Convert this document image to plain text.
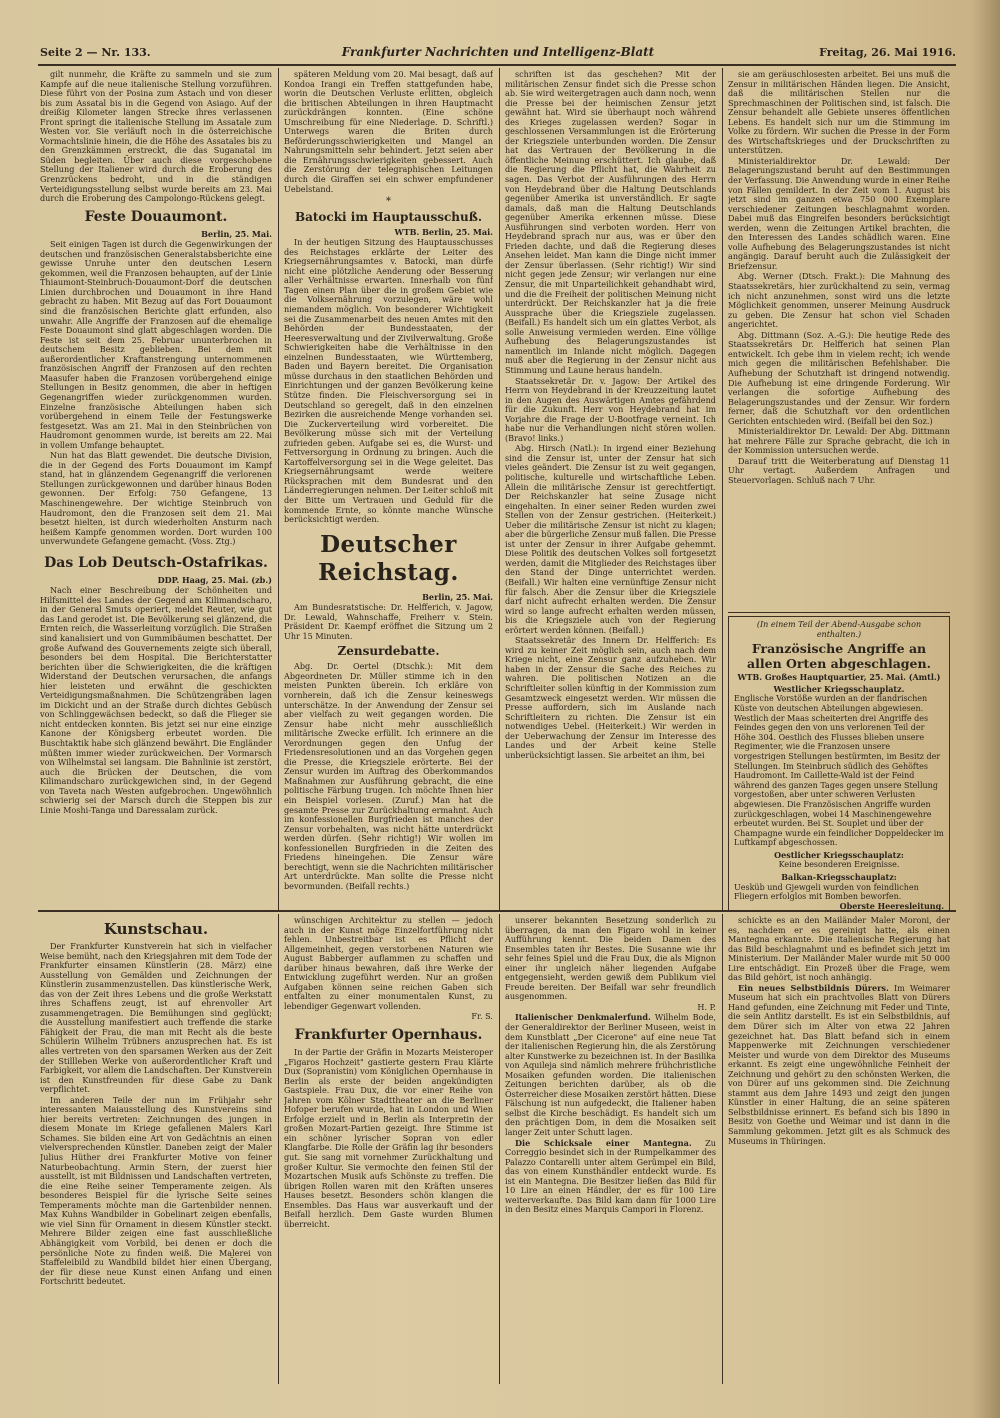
Seite 2 — Nr. 133.	Frankfurter Nachrichten und Intelligenz-Blatt	Freitag, 26. Mai 1916.

gilt nunmehr, die Kräfte zu sammeln und sie zum Kampfe auf die neue italienische Stellung vorzuführen. Diese führt von der Posina zum Astach und von dieser bis zum Assatal bis in die Gegend von Asiago. Auf der dreißig Kilometer langen Strecke ihres verlassenen Front springt die italienische Stellung im Assatale zum Westen vor. Sie verläuft noch in die österreichische Vormachtslinie hinein, die die Höhe des Assatales bis zu den Grenzkämmen erstreckt, die das Suganatal im Süden begleiten. Über auch diese vorgeschobene Stellung der Italiener wird durch die Eroberung des Grenzrückens bedroht, und in die ständigen Verteidigungsstellung selbst wurde bereits am 23. Mai durch die Eroberung des Campolongo-Rückens gelegt.

Feste Douaumont.

Berlin, 25. Mai.

Seit einigen Tagen ist durch die Gegenwirkungen der deutschen und französischen Generalstabsberichte eine gewisse Unruhe unter den deutschen Lesern gekommen, weil die Franzosen behaupten, auf der Linie Thiaumont-Steinbruch-Douaumont-Dorf die deutschen Linien durchbrochen und Douaumont in ihre Hand gebracht zu haben. Mit Bezug auf das Fort Douaumont sind die französischen Berichte glatt erfunden, also unwahr. Alle Angriffe der Franzosen auf die ehemalige Feste Douaumont sind glatt abgeschlagen worden. Die Feste ist seit dem 25. Februar ununterbrochen in deutschem Besitz geblieben. Bei dem mit außerordentlicher Kraftanstrengung unternommenen französischen Angriff der Franzosen auf den rechten Maasufer haben die Franzosen vorübergehend einige Stellungen in Besitz genommen, die aber in heftigen Gegenangriffen wieder zurückgenommen wurden. Einzelne französische Abteilungen haben sich vorübergehend in einem Teile der Festungswerke festgesetzt. Was am 21. Mai in den Steinbrüchen von Haudromont genommen wurde, ist bereits am 22. Mai in vollem Umfange behauptet.

Nun hat das Blatt gewendet. Die deutsche Division, die in der Gegend des Forts Douaumont im Kampf stand, hat in glänzendem Gegenangriff die verlorenen Stellungen zurückgewonnen und darüber hinaus Boden gewonnen. Der Erfolg: 750 Gefangene, 13 Maschinengewehre. Der wichtige Steinbruch von Haudromont, den die Franzosen seit dem 21. Mai besetzt hielten, ist durch wiederholten Ansturm nach heißem Kampfe genommen worden. Dort wurden 100 unverwundete Gefangene gemacht. (Voss. Ztg.)

Das Lob Deutsch-Ostafrikas.

DDP. Haag, 25. Mai. (zb.)

Nach einer Beschreibung der Schönheiten und Hilfsmittel des Landes der Gegend am Kilimandscharo, in der General Smuts operiert, meldet Reuter, wie gut das Land gerodet ist. Die Bevölkerung sei glänzend, die Ernten reich, die Wasserleitung vorzüglich. Die Straßen sind kanalisiert und von Gummibäumen beschattet. Der große Aufwand des Gouvernements zeigte sich überall, besonders bei dem Hospital. Die Berichterstatter berichten über die Schwierigkeiten, die die kräftigen Widerstand der Deutschen verursachen, die anfangs hier leisteten und erwähnt die geschickten Verteidigungsmaßnahmen. Die Schützengräben lagen im Dickicht und an der Straße durch dichtes Gebüsch von Schlinggewächsen bedeckt, so daß die Flieger sie nicht entdecken konnten. Bis jetzt sei nur eine einzige Kanone der Königsberg erbeutet worden. Die Buschtaktik habe sich glänzend bewährt. Die Engländer müßten immer wieder zurückweichen. Der Vormarsch von Wilhelmstal sei langsam. Die Bahnlinie ist zerstört, auch die Brücken der Deutschen, die vom Kilimandscharo zurückgewichen sind, in der Gegend von Taveta nach Westen aufgebrochen. Ungewöhnlich schwierig sei der Marsch durch die Steppen bis zur Linie Moshi-Tanga und Daressalam zurück.

späteren Meldung vom 20. Mai besagt, daß auf Kondoa Irangi ein Treffen stattgefunden habe, worin die Deutschen Verluste erlitten, obgleich die britischen Abteilungen in ihren Hauptmacht zurückdrängen konnten. (Eine schöne Umschreibung für eine Niederlage. D. Schriftl.) Unterwegs waren die Briten durch Beförderungsschwierigkeiten und Mangel an Nahrungsmitteln sehr behindert. Jetzt seien aber die Ernährungsschwierigkeiten gebessert. Auch die Zerstörung der telegraphischen Leitungen durch die Giraffen sei ein schwer empfundener Uebelstand.

*
Batocki im Hauptausschuß.

WTB. Berlin, 25. Mai.

In der heutigen Sitzung des Hauptausschusses des Reichstages erklärte der Leiter des Kriegsernährungsamtes v. Batocki, man dürfe nicht eine plötzliche Aenderung oder Besserung aller Verhältnisse erwarten. Innerhalb von fünf Tagen einen Plan über die in großem Gebiet wie die Volksernährung vorzulegen, wäre wohl niemandem möglich. Von besonderer Wichtigkeit sei die Zusammenarbeit des neuen Amtes mit den Behörden der Bundesstaaten, der Heeresverwaltung und der Zivilverwaltung. Große Schwierigkeiten habe die Verhältnisse in den einzelnen Bundesstaaten, wie Württemberg, Baden und Bayern bereitet. Die Organisation müsse durchaus in den staatlichen Behörden und Einrichtungen und der ganzen Bevölkerung keine Stütze finden. Die Fleischversorgung sei in Deutschland so geregelt, daß in den einzelnen Bezirken die ausreichende Menge vorhanden sei. Die Zuckerverteilung wird vorbereitet. Die Bevölkerung müsse sich mit der Verteilung zufrieden geben. Aufgabe sei es, die Wurst- und Fettversorgung in Ordnung zu bringen. Auch die Kartoffelversorgung sei in die Wege geleitet. Das Kriegsernährungsamt werde weitere Rücksprachen mit dem Bundesrat und den Länderregierungen nehmen. Der Leiter schloß mit der Bitte um Vertrauen und Geduld für die kommende Ernte, so könnte manche Wünsche berücksichtigt werden.

Deutscher Reichstag.

Berlin, 25. Mai.

Am Bundesratstische: Dr. Helfferich, v. Jagow, Dr. Lewald, Wahnschaffe, Freiherr v. Stein. Präsident Dr. Kaempf eröffnet die Sitzung um 2 Uhr 15 Minuten.

Zensurdebatte.

Abg. Dr. Oertel (Dtschk.): Mit dem Abgeordneten Dr. Müller stimme ich in den meisten Punkten überein. Ich erkläre von vornherein, daß ich die Zensur keineswegs unterschätze. In der Anwendung der Zensur sei aber vielfach zu weit gegangen worden. Die Zensur habe nicht mehr ausschließlich militärische Zwecke erfüllt. Ich erinnere an die Verordnungen gegen den Unfug der Friedensresolutionen und an das Vorgehen gegen die Presse, die Kriegsziele erörterte. Bei der Zensur wurden im Auftrag des Oberkommandos Maßnahmen zur Ausführung gebracht, die eine politische Färbung trugen. Ich möchte Ihnen hier ein Beispiel vorlesen. (Zuruf.) Man hat die gesamte Presse zur Zurückhaltung ermahnt. Auch im konfessionellen Burgfrieden ist manches der Zensur vorbehalten, was nicht hätte unterdrückt werden dürfen. (Sehr richtig!) Wir wollen im konfessionellen Burgfrieden in die Zeiten des Friedens hineingehen. Die Zensur wäre berechtigt, wenn sie die Nachrichten militärischer Art unterdrückte. Man sollte die Presse nicht bevormunden. (Beifall rechts.)

schriften ist das geschehen? Mit der militärischen Zensur findet sich die Presse schon ab. Sie wird weitergetragen auch dann noch, wenn die Presse bei der heimischen Zensur jetzt gewähnt hat. Wird sie überhaupt noch während des Krieges zugelassen werden? Sogar in geschlossenen Versammlungen ist die Erörterung der Kriegsziele unterbunden worden. Die Zensur hat das Vertrauen der Bevölkerung in die öffentliche Meinung erschüttert. Ich glaube, daß die Regierung die Pflicht hat, die Wahrheit zu sagen. Das Verbot der Ausführungen des Herrn von Heydebrand über die Haltung Deutschlands gegenüber Amerika ist unverständlich. Er sagte damals, daß man die Haltung Deutschlands gegenüber Amerika erkennen müsse. Diese Ausführungen sind verboten worden. Herr von Heydebrand sprach nur aus, was er über den Frieden dachte, und daß die Regierung dieses Ansehen leidet. Man kann die Dinge nicht immer der Zensur überlassen. (Sehr richtig!) Wir sind nicht gegen jede Zensur; wir verlangen nur eine Zensur, die mit Unparteilichkeit gehandhabt wird, und die die Freiheit der politischen Meinung nicht unterdrückt. Der Reichskanzler hat ja die freie Aussprache über die Kriegsziele zugelassen. (Beifall.) Es handelt sich um ein glattes Verbot, als solle Anweisung vermieden werden. Eine völlige Aufhebung des Belagerungszustandes ist namentlich im Inlande nicht möglich. Dagegen muß aber die Regierung in der Zensur nicht aus Stimmung und Laune heraus handeln.

Staatssekretär Dr. v. Jagow: Der Artikel des Herrn von Heydebrand in der Kreuzzeitung lautet in den Augen des Auswärtigen Amtes gefährdend für die Zukunft. Herr von Heydebrand hat im Vorjahre die Frage der U-Bootfrage verneint. Ich habe nur die Verhandlungen nicht stören wollen. (Bravo! links.)

Abg. Hirsch (Natl.): In irgend einer Beziehung sind die Zensur ist, unter der Zensur hat sich vieles geändert. Die Zensur ist zu weit gegangen, politische, kulturelle und wirtschaftliche Leben. Allein die militärische Zensur ist gerechtfertigt. Der Reichskanzler hat seine Zusage nicht eingehalten. In einer seiner Reden wurden zwei Stellen von der Zensur gestrichen. (Heiterkeit.) Ueber die militärische Zensur ist nicht zu klagen; aber die bürgerliche Zensur muß fallen. Die Presse ist unter der Zensur in ihrer Aufgabe gehemmt. Diese Politik des deutschen Volkes soll fortgesetzt werden, damit die Mitglieder des Reichstages über den Stand der Dinge unterrichtet werden. (Beifall.) Wir halten eine vernünftige Zensur nicht für falsch. Aber die Zensur über die Kriegsziele darf nicht aufrecht erhalten werden. Die Zensur wird so lange aufrecht erhalten werden müssen, bis die Kriegsziele auch von der Regierung erörtert werden können. (Beifall.)

Staatssekretär des Innern Dr. Helfferich: Es wird zu keiner Zeit möglich sein, auch nach dem Kriege nicht, eine Zensur ganz aufzuheben. Wir haben in der Zensur die Sache des Reiches zu wahren. Die politischen Notizen an die Schriftleiter sollen künftig in der Kommission zum Gesamtzweck eingesetzt werden. Wir müssen die Presse auffordern, sich im Auslande nach Schriftleitern zu richten. Die Zensur ist ein notwendiges Uebel. (Heiterkeit.) Wir werden in der Ueberwachung der Zensur im Interesse des Landes und der Arbeit keine Stelle unberücksichtigt lassen. Sie arbeitet an ihm, bei

sie am geräuschlosesten arbeitet. Bei uns muß die Zensur in militärischen Händen liegen. Die Ansicht, daß die militärischen Stellen nur die Sprechmaschinen der Politischen sind, ist falsch. Die Zensur behandelt alle Gebiete unseres öffentlichen Lebens. Es handelt sich nur um die Stimmung im Volke zu fördern. Wir suchen die Presse in der Form des Wirtschaftskrieges und der Druckschriften zu unterstützen.

Ministerialdirektor Dr. Lewald: Der Belagerungszustand beruht auf den Bestimmungen der Verfassung. Die Anwendung wurde in einer Reihe von Fällen gemildert. In der Zeit vom 1. August bis jetzt sind im ganzen etwa 750 000 Exemplare verschiedener Zeitungen beschlagnahmt worden. Dabei muß das Eingreifen besonders berücksichtigt werden, wenn die Zeitungen Artikel brachten, die den Interessen des Landes schädlich waren. Eine volle Aufhebung des Belagerungszustandes ist nicht angängig. Darauf beruht auch die Zulässigkeit der Briefzensur.

Abg. Werner (Dtsch. Frakt.): Die Mahnung des Staatssekretärs, hier zurückhaltend zu sein, vermag ich nicht anzunehmen, sonst wird uns die letzte Möglichkeit genommen, unserer Meinung Ausdruck zu geben. Die Zensur hat schon viel Schaden angerichtet.

Abg. Dittmann (Soz. A.-G.): Die heutige Rede des Staatssekretärs Dr. Helfferich hat seinen Plan entwickelt. Ich gebe ihm in vielem recht; ich wende mich gegen die militärischen Befehlshaber. Die Aufhebung der Schutzhaft ist dringend notwendig. Die Aufhebung ist eine dringende Forderung. Wir verlangen die sofortige Aufhebung des Belagerungszustandes und der Zensur. Wir fordern ferner, daß die Schutzhaft vor den ordentlichen Gerichten entschieden wird. (Beifall bei den Soz.)

Ministerialdirektor Dr. Lewald: Der Abg. Dittmann hat mehrere Fälle zur Sprache gebracht, die ich in der Kommission untersuchen werde.

Darauf tritt die Weiterberatung auf Dienstag 11 Uhr vertagt. Außerdem Anfragen und Steuervorlagen. Schluß nach 7 Uhr.

(In einem Teil der Abend-Ausgabe schon enthalten.)
Französische Angriffe an allen Orten abgeschlagen.
WTB. Großes Hauptquartier, 25. Mai. (Amtl.)
Westlicher Kriegsschauplatz.
Englische Vorstöße wurden an der flandrischen Küste von deutschen Abteilungen abgewiesen. Westlich der Maas scheiterten drei Angriffe des Feindes gegen den von uns verlorenen Teil der Höhe 304. Oestlich des Flusses blieben unsere Regimenter, wie die Franzosen unsere vorgestrigen Stellungen bestürmten, im Besitz der Stellungen. Im Steinbruch südlich des Gehöftes Haudromont. Im Caillette-Wald ist der Feind während des ganzen Tages gegen unsere Stellung vorgestoßen, aber unter schweren Verlusten abgewiesen. Die Französischen Angriffe wurden zurückgeschlagen, wobei 14 Maschinengewehre erbeutet wurden. Bei St. Souplet und über der Champagne wurde ein feindlicher Doppeldecker im Luftkampf abgeschossen.
Oestlicher Kriegsschauplatz:
Keine besonderen Ereignisse.
Balkan-Kriegsschauplatz:
Uesküb und Gjewgeli wurden von feindlichen Fliegern erfolglos mit Bomben beworfen.
Oberste Heeresleitung.
Kunstschau.

Der Frankfurter Kunstverein hat sich in vielfacher Weise bemüht, nach den Kriegsjahren mit dem Tode der Frankfurter einsamen Künstlerin (28. März) eine Ausstellung von Gemälden und Zeichnungen der Künstlerin zusammenzustellen. Das künstlerische Werk, das von der Zeit ihres Lebens und die große Werkstatt ihres Schaffens zeugt, ist auf ehrenvoller Art zusammengetragen. Die Bemühungen sind geglückt; die Ausstellung manifestiert auch treffende die starke Fähigkeit der Frau, die man mit Recht als die beste Schülerin Wilhelm Trübners anzusprechen hat. Es ist alles vertreten von den sparsamen Werken aus der Zeit der Stillleben Werke von außerordentlicher Kraft und Farbigkeit, vor allem die Landschaften. Der Kunstverein ist den Kunstfreunden für diese Gabe zu Dank verpflichtet.

Im anderen Teile der nun im Frühjahr sehr interessanten Maiausstellung des Kunstvereins sind hier bereits vertreten: Zeichnungen des jungen in diesem Monate im Kriege gefallenen Malers Karl Schames. Sie bilden eine Art von Gedächtnis an einen vielversprechenden Künstler. Daneben zeigt der Maler Julius Hüther drei Frankfurter Motive von feiner Naturbeobachtung. Armin Stern, der zuerst hier ausstellt, ist mit Bildnissen und Landschaften vertreten, die eine Reihe seiner Temperamente zeigen. Als besonderes Beispiel für die lyrische Seite seines Temperaments möchte man die Gartenbilder nennen. Max Kuhns Wandbilder in Gobelinart zeigen ebenfalls, wie viel Sinn für Ornament in diesem Künstler steckt. Mehrere Bilder zeigen eine fast ausschließliche Abhängigkeit vom Vorbild, bei denen er doch die persönliche Note zu finden weiß. Die Malerei von Staffeleibild zu Wandbild bildet hier einen Übergang, der für diese neue Kunst einen Anfang und einen Fortschritt bedeutet.

wünschigen Architektur zu stellen — jedoch auch in der Kunst möge Einzelfortführung nicht fehlen. Unbestreitbar ist es Pflicht der Allgemeinheit, gegen verstorbenen Naturen wie August Babberger auflammen zu schaffen und darüber hinaus bewahren, daß ihre Werke der Entwicklung zugeführt werden. Nur an großen Aufgaben können seine reichen Gaben sich entfalten zu einer monumentalen Kunst, zu lebendiger Gegenwart vollenden.

Fr. S.

Frankfurter Opernhaus.

In der Partie der Gräfin in Mozarts Meisteroper „Figaros Hochzeit" gastierte gestern Frau Klärte Dux (Sopranistin) vom Königlichen Opernhause in Berlin als erste der beiden angekündigten Gastspiele. Frau Dux, die vor einer Reihe von Jahren vom Kölner Stadttheater an die Berliner Hofoper berufen wurde, hat in London und Wien Erfolge erzielt und in Berlin als Interpretin der großen Mozart-Partien gezeigt. Ihre Stimme ist ein schöner lyrischer Sopran von edler Klangfarbe. Die Rolle der Gräfin lag ihr besonders gut. Sie sang mit vornehmer Zurückhaltung und großer Kultur. Sie vermochte den feinen Stil der Mozartschen Musik aufs Schönste zu treffen. Die übrigen Rollen waren mit den Kräften unseres Hauses besetzt. Besonders schön klangen die Ensembles. Das Haus war ausverkauft und der Beifall herzlich. Dem Gaste wurden Blumen überreicht.

unserer bekannten Besetzung sonderlich zu überragen, da man den Figaro wohl in keiner Aufführung kennt. Die beiden Damen des Ensembles taten ihr Bestes. Die Susanne wie ihr sehr feines Spiel und die Frau Dux, die als Mignon einer ihr ungleich näher liegenden Aufgabe entgegensieht, werden gewiß dem Publikum viel Freude bereiten. Der Beifall war sehr freundlich ausgenommen.

H. P.

Italienischer Denkmalerfund. Wilhelm Bode, der Generaldirektor der Berliner Museen, weist in dem Kunstblatt „Der Cicerone" auf eine neue Tat der italienischen Regierung hin, die als Zerstörung alter Kunstwerke zu bezeichnen ist. In der Basilika von Aquileja sind nämlich mehrere frühchristliche Mosaiken gefunden worden. Die italienischen Zeitungen berichten darüber, als ob die Österreicher diese Mosaiken zerstört hätten. Diese Fälschung ist nun aufgedeckt, die Italiener haben selbst die Kirche beschädigt. Es handelt sich um den prächtigen Dom, in dem die Mosaiken seit langer Zeit unter Schutt lagen.

Die Schicksale einer Mantegna. Zu Correggio besindet sich in der Rumpelkammer des Palazzo Contarelli unter altem Gerümpel ein Bild, das von einem Kunsthändler entdeckt wurde. Es ist ein Mantegna. Die Besitzer ließen das Bild für 10 Lire an einen Händler, der es für 100 Lire weiterverkaufte. Das Bild kam dann für 1000 Lire in den Besitz eines Marquis Campori in Florenz.

schickte es an den Mailänder Maler Moroni, der es, nachdem er es gereinigt hatte, als einen Mantegna erkannte. Die italienische Regierung hat das Bild beschlagnahmt und es befindet sich jetzt im Ministerium. Der Mailänder Maler wurde mit 50 000 Lire entschädigt. Ein Prozeß über die Frage, wem das Bild gehört, ist noch anhängig.

Ein neues Selbstbildnis Dürers. Im Weimarer Museum hat sich ein prachtvolles Blatt von Dürers Hand gefunden, eine Zeichnung mit Feder und Tinte, die sein Antlitz darstellt. Es ist ein Selbstbildnis, auf dem Dürer sich im Alter von etwa 22 Jahren gezeichnet hat. Das Blatt befand sich in einem Mappenwerke mit Zeichnungen verschiedener Meister und wurde von dem Direktor des Museums erkannt. Es zeigt eine ungewöhnliche Feinheit der Zeichnung und gehört zu den schönsten Werken, die von Dürer auf uns gekommen sind. Die Zeichnung stammt aus dem Jahre 1493 und zeigt den jungen Künstler in einer Haltung, die an seine späteren Selbstbildnisse erinnert. Es befand sich bis 1890 in Besitz von Goethe und Weimar und ist dann in die Sammlung gekommen. Jetzt gilt es als Schmuck des Museums in Thüringen.
